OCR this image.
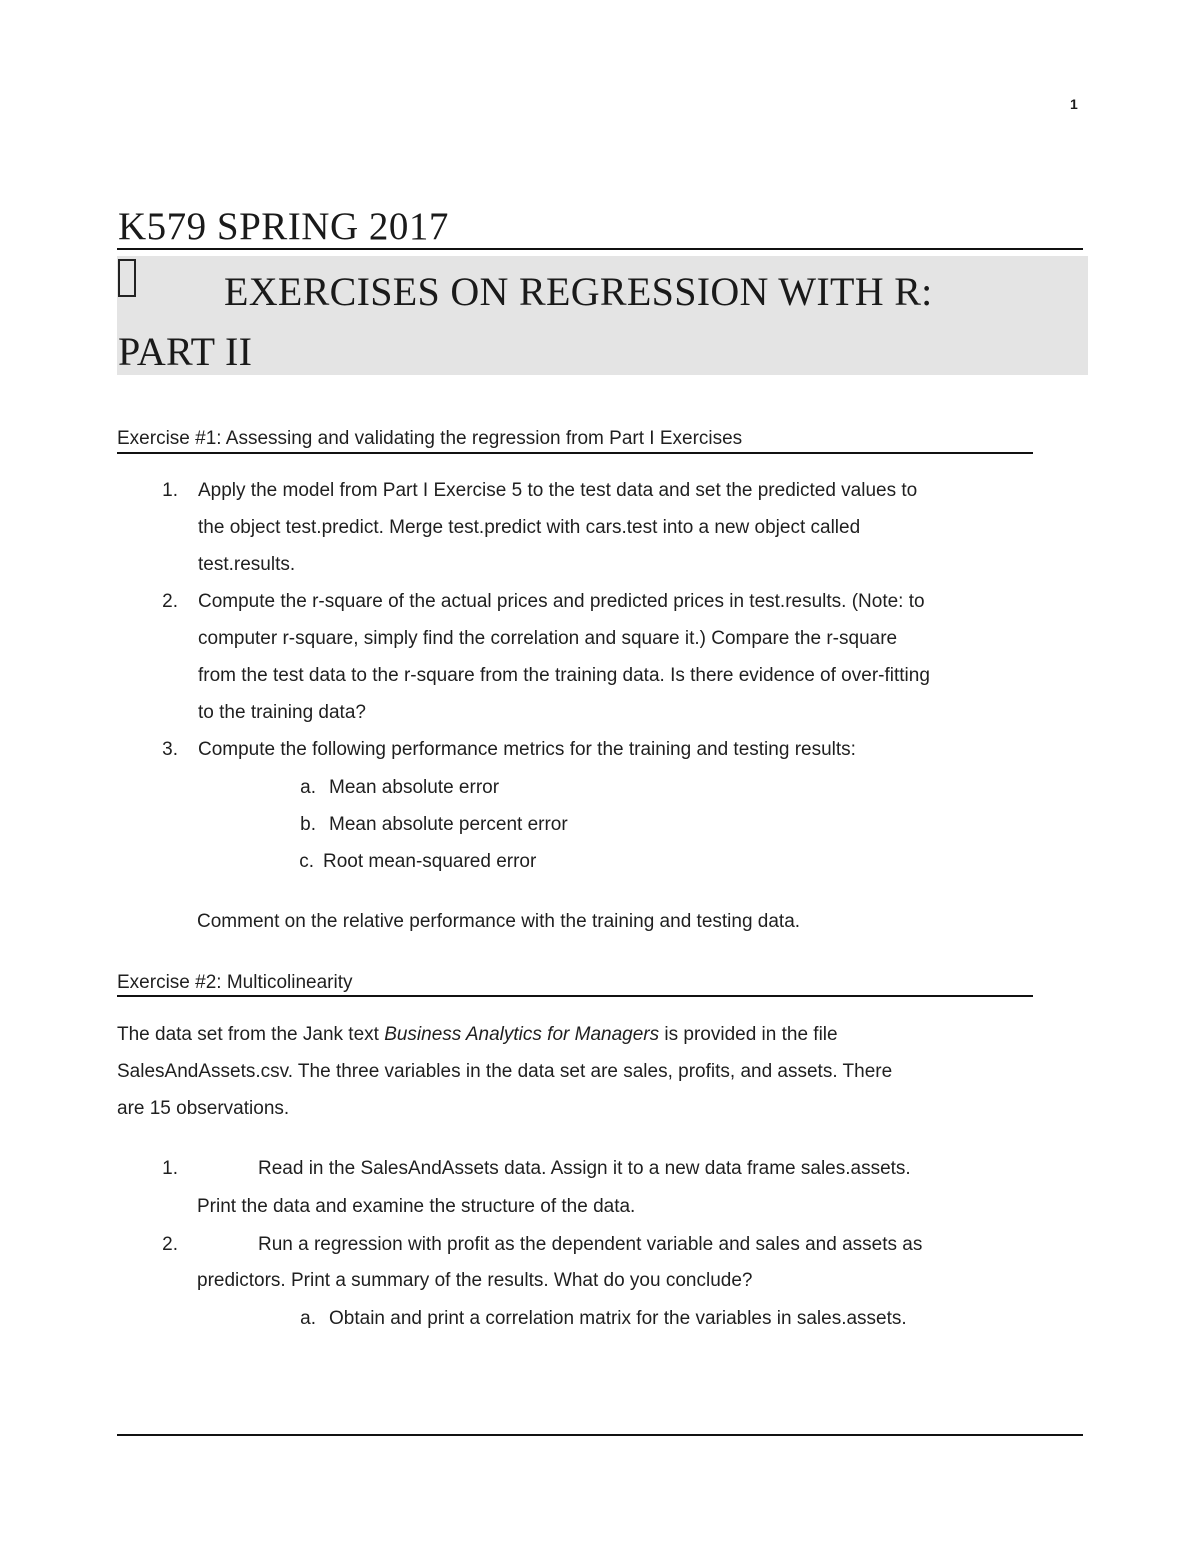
1
K579 SPRING 2017
EXERCISES ON REGRESSION WITH R:
PART II
Exercise #1: Assessing and validating the regression from Part I Exercises
1. Apply the model from Part I Exercise 5 to the test data and set the predicted values to
the object test.predict. Merge test.predict with cars.test into a new object called
test.results.
2. Compute the r-square of the actual prices and predicted prices in test.results. (Note: to
computer r-square, simply find the correlation and square it.) Compare the r-square
from the test data to the r-square from the training data. Is there evidence of over-fitting
to the training data?
3. Compute the following performance metrics for the training and testing results:
a. Mean absolute error
b. Mean absolute percent error
c. Root mean-squared error
Comment on the relative performance with the training and testing data.
Exercise #2: Multicolinearity
The data set from the Jank text Business Analytics for Managers is provided in the file
SalesAndAssets.csv. The three variables in the data set are sales, profits, and assets. There
are 15 observations.
1.	Read in the SalesAndAssets data. Assign it to a new data frame sales.assets.
Print the data and examine the structure of the data.
2.	Run a regression with profit as the dependent variable and sales and assets as
predictors. Print a summary of the results. What do you conclude?
a. Obtain and print a correlation matrix for the variables in sales.assets.
